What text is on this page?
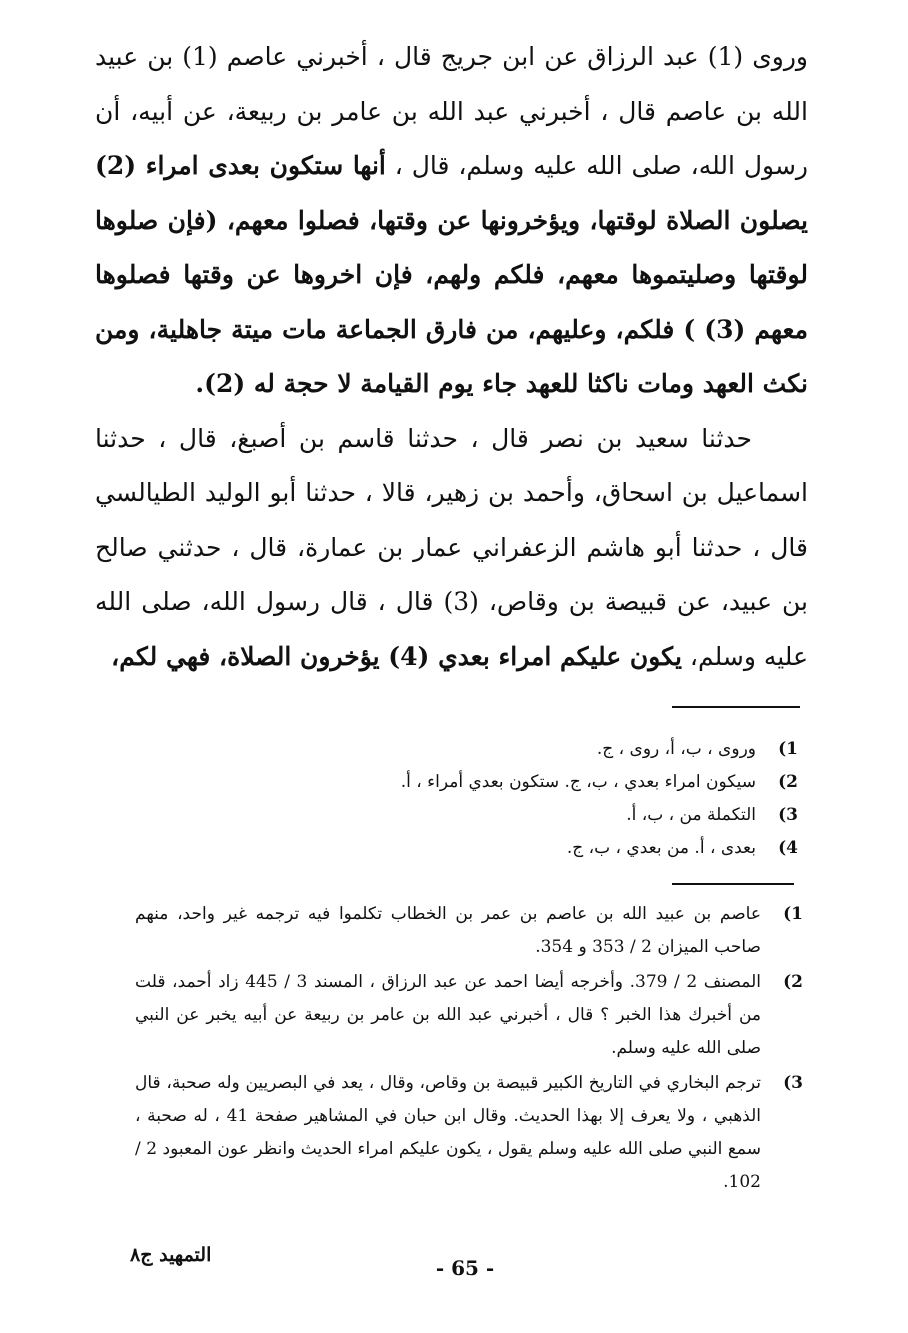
وروى (1) عبد الرزاق عن ابن جريج قال ، أخبرني عاصم (1) بن عبيد الله بن عاصم قال ، أخبرني عبد الله بن عامر بن ربيعة، عن أبيه، أن رسول الله، صلى الله عليه وسلم، قال ، أنها ستكون بعدى امراء (2) يصلون الصلاة لوقتها، ويؤخرونها عن وقتها، فصلوا معهم، (فإن صلوها لوقتها وصليتموها معهم، فلكم ولهم، فإن اخروها عن وقتها فصلوها معهم (3) ) فلكم، وعليهم، من فارق الجماعة مات ميتة جاهلية، ومن نكث العهد ومات ناكثا للعهد جاء يوم القيامة لا حجة له (2).

حدثنا سعيد بن نصر قال ، حدثنا قاسم بن أصبغ، قال ، حدثنا اسماعيل بن اسحاق، وأحمد بن زهير، قالا ، حدثنا أبو الوليد الطيالسي قال ، حدثنا أبو هاشم الزعفراني عمار بن عمارة، قال ، حدثني صالح بن عبيد، عن قبيصة بن وقاص، (3) قال ، قال رسول الله، صلى الله عليه وسلم، يكون عليكم امراء بعدي (4) يؤخرون الصلاة، فهي لكم،

1)
وروى ، ب، أ، روى ، ج.
2)
سيكون امراء بعدي ، ب، ج. ستكون بعدي أمراء ، أ.
3)
التكملة من ، ب، أ.
4)
بعدى ، أ. من بعدي ، ب، ج.
1)
عاصم بن عبيد الله بن عاصم بن عمر بن الخطاب تكلموا فيه ترجمه غير واحد، منهم صاحب الميزان 2 / 353 و 354.
2)
المصنف 2 / 379. وأخرجه أيضا احمد عن عبد الرزاق ، المسند 3 / 445 زاد أحمد، قلت من أخبرك هذا الخبر ؟ قال ، أخبرني عبد الله بن عامر بن ربيعة عن أبيه يخبر عن النبي صلى الله عليه وسلم.
3)
ترجم البخاري في التاريخ الكبير قبيصة بن وقاص، وقال ، يعد في البصريين وله صحبة، قال الذهبي ، ولا يعرف إلا بهذا الحديث. وقال ابن حبان في المشاهير صفحة 41 ، له صحبة ، سمع النبي صلى الله عليه وسلم يقول ، يكون عليكم امراء الحديث وانظر عون المعبود 2 / 102.
- 65 -
التمهيد ج٨
